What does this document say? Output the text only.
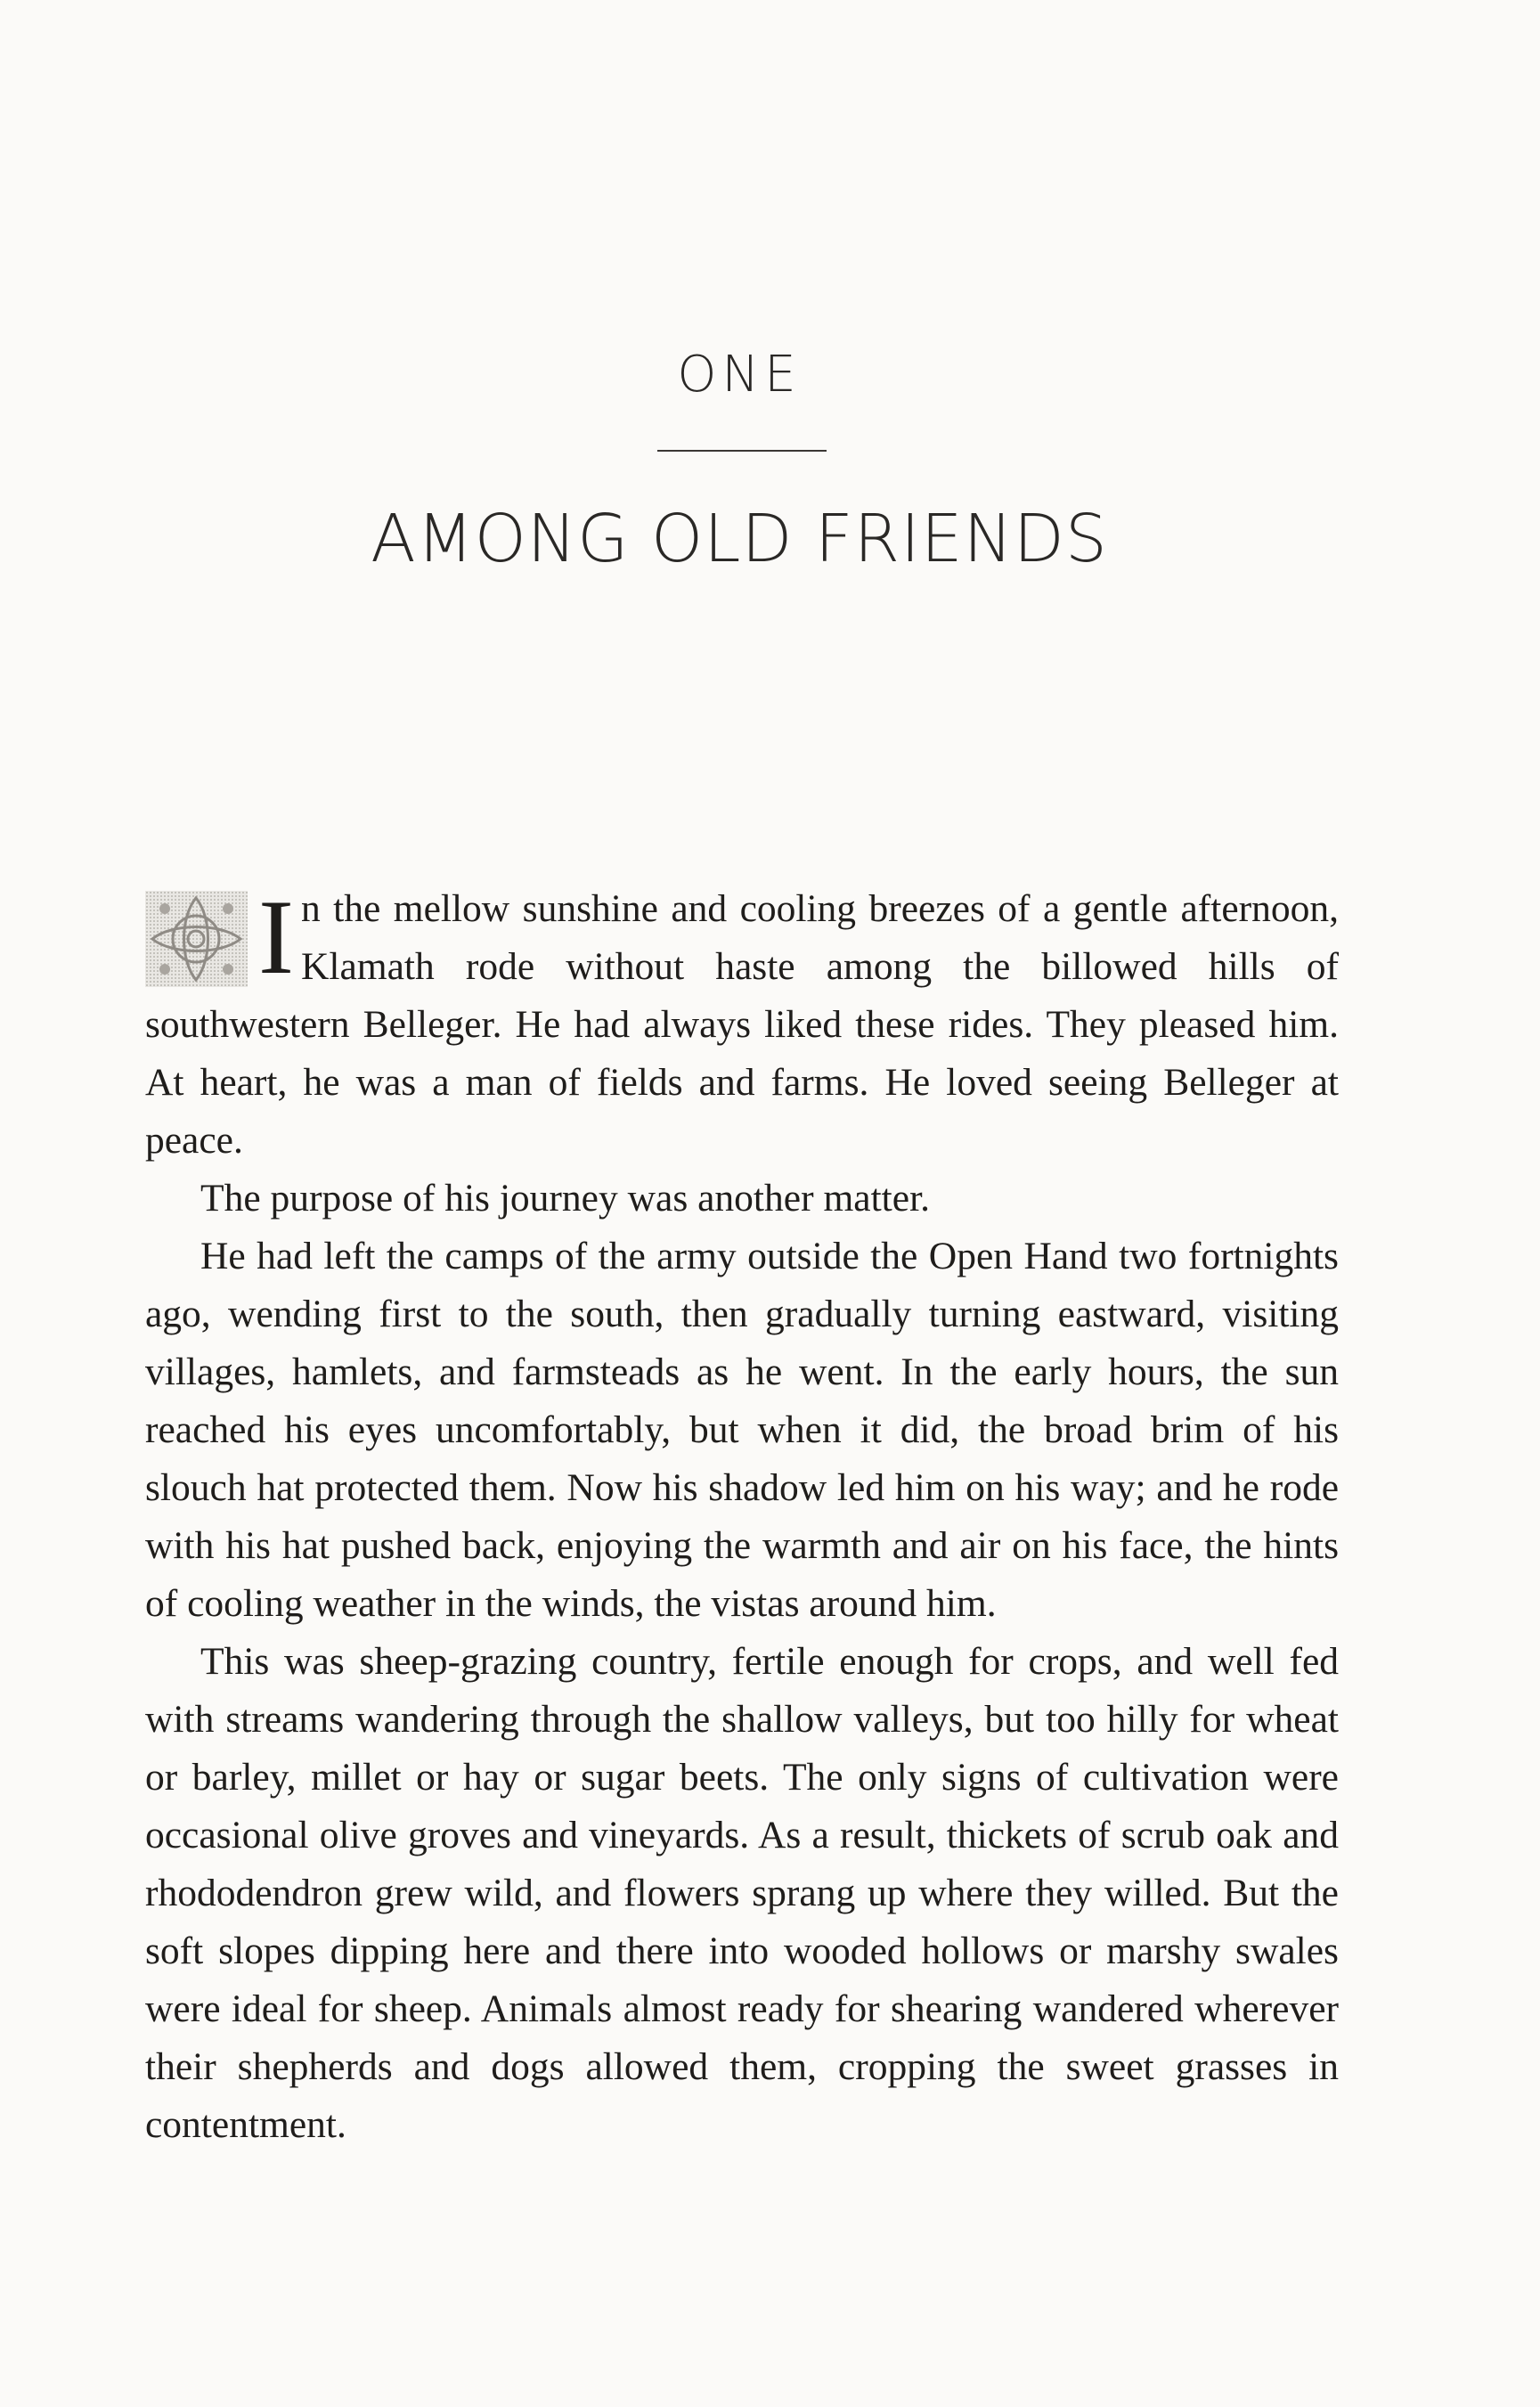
ONE
AMONG OLD FRIENDS

In the mellow sunshine and cooling breezes of a gentle afternoon, Klamath rode without haste among the billowed hills of southwestern Belleger. He had always liked these rides. They pleased him. At heart, he was a man of fields and farms. He loved seeing Belleger at peace.

The purpose of his journey was another matter.

He had left the camps of the army outside the Open Hand two fortnights ago, wending first to the south, then gradually turning eastward, visiting villages, hamlets, and farmsteads as he went. In the early hours, the sun reached his eyes uncomfortably, but when it did, the broad brim of his slouch hat protected them. Now his shadow led him on his way; and he rode with his hat pushed back, enjoying the warmth and air on his face, the hints of cooling weather in the winds, the vistas around him.

This was sheep-grazing country, fertile enough for crops, and well fed with streams wandering through the shallow valleys, but too hilly for wheat or barley, millet or hay or sugar beets. The only signs of cultivation were occasional olive groves and vineyards. As a result, thickets of scrub oak and rhododendron grew wild, and flowers sprang up where they willed. But the soft slopes dipping here and there into wooded hollows or marshy swales were ideal for sheep. Animals almost ready for shearing wandered wherever their shepherds and dogs allowed them, cropping the sweet grasses in contentment.
